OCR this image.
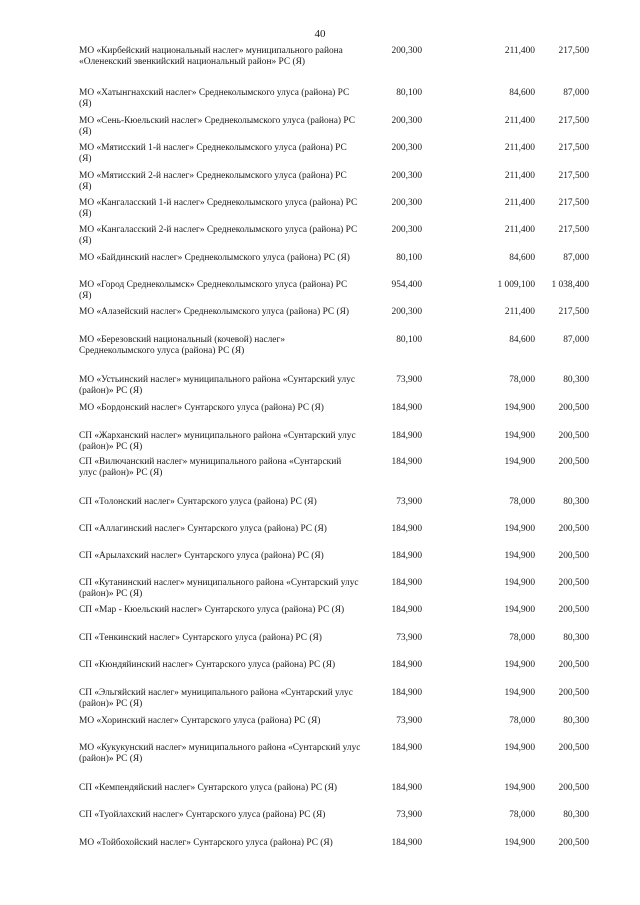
40
МО «Кирбейский национальный наслег» муниципального района «Оленекский эвенкийский национальный район» РС (Я)
200,300	211,400	217,500
МО «Хатынгнахский наслег» Среднеколымского улуса (района) РС (Я)
80,100	84,600	87,000
МО «Сень-Кюельский наслег» Среднеколымского улуса (района) РС (Я)
200,300	211,400	217,500
МО «Мятисский 1-й наслег» Среднеколымского улуса (района) РС (Я)
200,300	211,400	217,500
МО «Мятисский 2-й наслег» Среднеколымского улуса (района) РС (Я)
200,300	211,400	217,500
МО «Кангаласский 1-й наслег» Среднеколымского улуса (района) РС (Я)
200,300	211,400	217,500
МО «Кангаласский 2-й наслег» Среднеколымского улуса (района) РС (Я)
200,300	211,400	217,500
МО «Байдинский наслег» Среднеколымского улуса (района) РС (Я)	80,100	84,600	87,000
МО «Город Среднеколымск» Среднеколымского улуса (района) РС (Я)
954,400	1 009,100	1 038,400
МО «Алазейский наслег» Среднеколымского улуса (района) РС (Я)	200,300	211,400	217,500
МО «Березовский национальный (кочевой) наслег» Среднеколымского улуса (района) РС (Я)
80,100	84,600	87,000
МО «Устьинский наслег» муниципального района «Сунтарский улус (район)» РС (Я)
73,900	78,000	80,300
МО «Бордонский наслег» Сунтарского улуса (района) РС (Я)	184,900	194,900	200,500
СП «Жарханский наслег» муниципального района «Сунтарский улус (район)» РС (Я)
184,900	194,900	200,500
СП «Вилючанский наслег» муниципального района «Сунтарский улус (район)» РС (Я)
184,900	194,900	200,500
СП «Толонский наслег» Сунтарского улуса (района) РС (Я)	73,900	78,000	80,300
СП «Аллагинский наслег» Сунтарского улуса (района) РС (Я)	184,900	194,900	200,500
СП «Арылахский наслег» Сунтарского улуса (района) РС (Я)	184,900	194,900	200,500
СП «Кутанинский наслег» муниципального района «Сунтарский улус (район)» РС (Я)
184,900	194,900	200,500
СП «Мар - Кюельский наслег» Сунтарского улуса (района) РС (Я)	184,900	194,900	200,500
СП «Тенкинский наслег» Сунтарского улуса (района) РС (Я)	73,900	78,000	80,300
СП «Кюндяйинский наслег» Сунтарского улуса (района) РС (Я)	184,900	194,900	200,500
СП «Эльгяйский наслег» муниципального района «Сунтарский улус (район)» РС (Я)
184,900	194,900	200,500
МО «Хоринский наслег» Сунтарского улуса (района) РС (Я)	73,900	78,000	80,300
МО «Кукукунский наслег» муниципального района «Сунтарский улус (район)» РС (Я)
184,900	194,900	200,500
СП «Кемпендяйский наслег» Сунтарского улуса (района) РС (Я)	184,900	194,900	200,500
СП «Туойлахский наслег» Сунтарского улуса (района) РС (Я)	73,900	78,000	80,300
МО «Тойбохойский наслег» Сунтарского улуса (района) РС (Я)	184,900	194,900	200,500
